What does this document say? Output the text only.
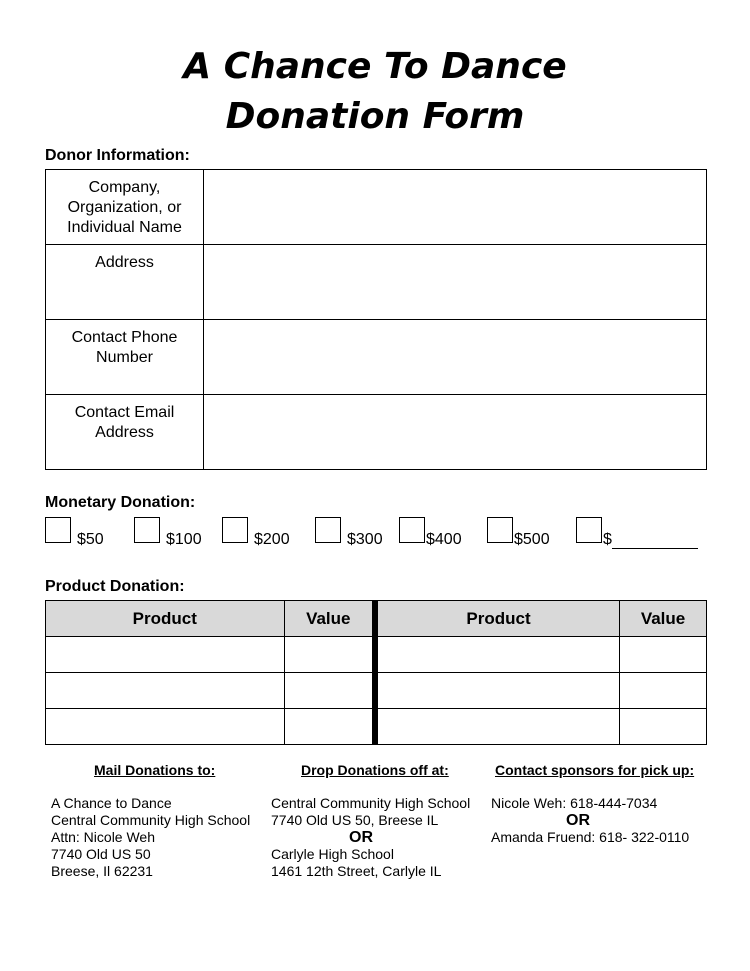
A Chance To Dance
Donation Form
Donor Information:
Company,
Organization, or
Individual Name	

Address	

Contact Phone
Number	

Contact Email
Address	

Monetary Donation:
$50	$100	$200	$300	$400	$500	$
Product Donation:
Product	Value	Product	Value

Mail Donations to:
A Chance to Dance
Central Community High School
Attn: Nicole Weh
7740 Old US 50
Breese, Il 62231
Drop Donations off at:
Central Community High School
7740 Old US 50, Breese IL
OR
Carlyle High School
1461 12th Street, Carlyle IL
Contact sponsors for pick up:
Nicole Weh: 618-444-7034
OR
Amanda Fruend: 618- 322-0110
